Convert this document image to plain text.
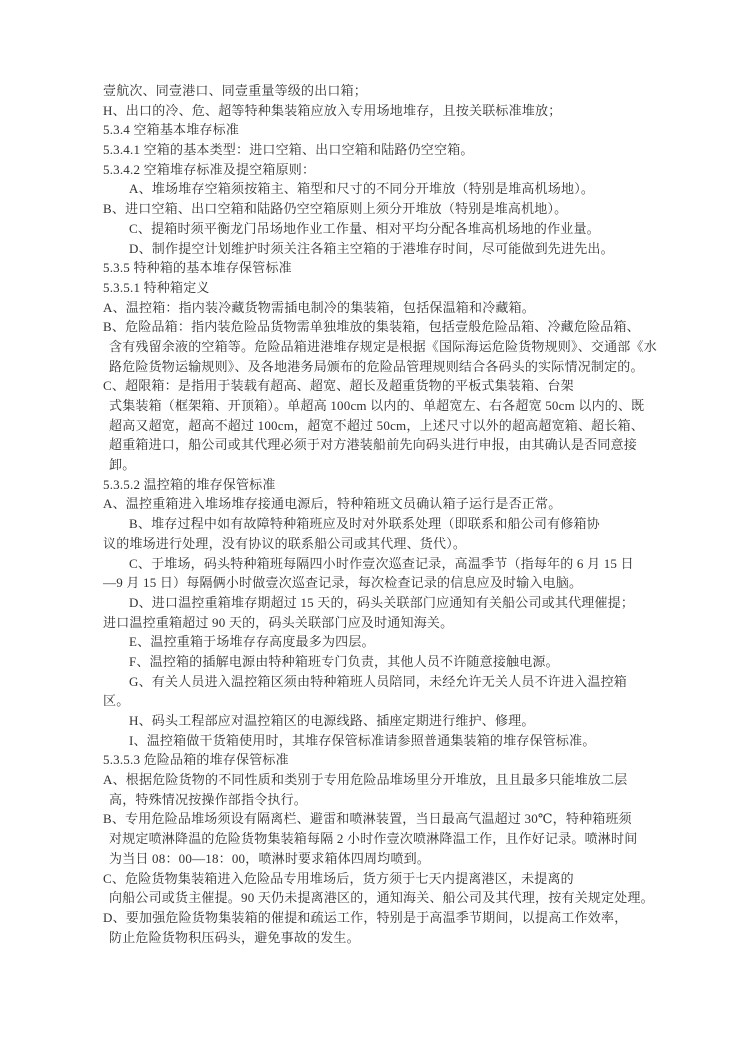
壹航次、同壹港口、同壹重量等级的出口箱；
H、出口的冷、危、超等特种集装箱应放入专用场地堆存，且按关联标准堆放；
5.3.4 空箱基本堆存标准
5.3.4.1 空箱的基本类型：进口空箱、出口空箱和陆路仍空空箱。
5.3.4.2 空箱堆存标准及提空箱原则：
A、堆场堆存空箱须按箱主、箱型和尺寸的不同分开堆放（特别是堆高机场地）。
B、进口空箱、出口空箱和陆路仍空空箱原则上须分开堆放（特别是堆高机地）。
C、提箱时须平衡龙门吊场地作业工作量、相对平均分配各堆高机场地的作业量。
D、制作提空计划维护时须关注各箱主空箱的于港堆存时间，尽可能做到先进先出。
5.3.5 特种箱的基本堆存保管标准
5.3.5.1 特种箱定义
A、温控箱：指内装冷藏货物需插电制冷的集装箱，包括保温箱和冷藏箱。
B、危险品箱：指内装危险品货物需单独堆放的集装箱，包括壹般危险品箱、冷藏危险品箱、
含有残留余液的空箱等。危险品箱进港堆存规定是根据《国际海运危险货物规则》、交通部《水
路危险货物运输规则》、及各地港务局颁布的危险品管理规则结合各码头的实际情况制定的。
C、超限箱：是指用于装载有超高、超宽、超长及超重货物的平板式集装箱、台架
式集装箱（框架箱、开顶箱）。单超高 100cm 以内的、单超宽左、右各超宽 50cm 以内的、既
超高又超宽，超高不超过 100cm，超宽不超过 50cm，上述尺寸以外的超高超宽箱、超长箱、
超重箱进口，船公司或其代理必须于对方港装船前先向码头进行申报，由其确认是否同意接
卸。
5.3.5.2 温控箱的堆存保管标准
A、温控重箱进入堆场堆存接通电源后，特种箱班文员确认箱子运行是否正常。
B、堆存过程中如有故障特种箱班应及时对外联系处理（即联系和船公司有修箱协
议的堆场进行处理，没有协议的联系船公司或其代理、货代）。
C、于堆场，码头特种箱班每隔四小时作壹次巡查记录，高温季节（指每年的 6 月 15 日
—9 月 15 日）每隔俩小时做壹次巡查记录，每次检查记录的信息应及时输入电脑。
D、进口温控重箱堆存期超过 15 天的，码头关联部门应通知有关船公司或其代理催提；
进口温控重箱超过 90 天的，码头关联部门应及时通知海关。
E、温控重箱于场堆存存高度最多为四层。
F、温控箱的插解电源由特种箱班专门负责，其他人员不许随意接触电源。
G、有关人员进入温控箱区须由特种箱班人员陪同，未经允许无关人员不许进入温控箱
区。
H、码头工程部应对温控箱区的电源线路、插座定期进行维护、修理。
I、温控箱做干货箱使用时，其堆存保管标准请参照普通集装箱的堆存保管标准。
5.3.5.3 危险品箱的堆存保管标准
A、根据危险货物的不同性质和类别于专用危险品堆场里分开堆放，且且最多只能堆放二层
高，特殊情况按操作部指令执行。
B、专用危险品堆场须设有隔离栏、避雷和喷淋装置，当日最高气温超过 30℃，特种箱班须
对规定喷淋降温的危险货物集装箱每隔 2 小时作壹次喷淋降温工作，且作好记录。喷淋时间
为当日 08：00—18：00，喷淋时要求箱体四周均喷到。
C、危险货物集装箱进入危险品专用堆场后，货方须于七天内提离港区，未提离的
向船公司或货主催提。90 天仍未提离港区的，通知海关、船公司及其代理，按有关规定处理。
D、要加强危险货物集装箱的催提和疏运工作，特别是于高温季节期间，以提高工作效率，
防止危险货物积压码头，避免事故的发生。
